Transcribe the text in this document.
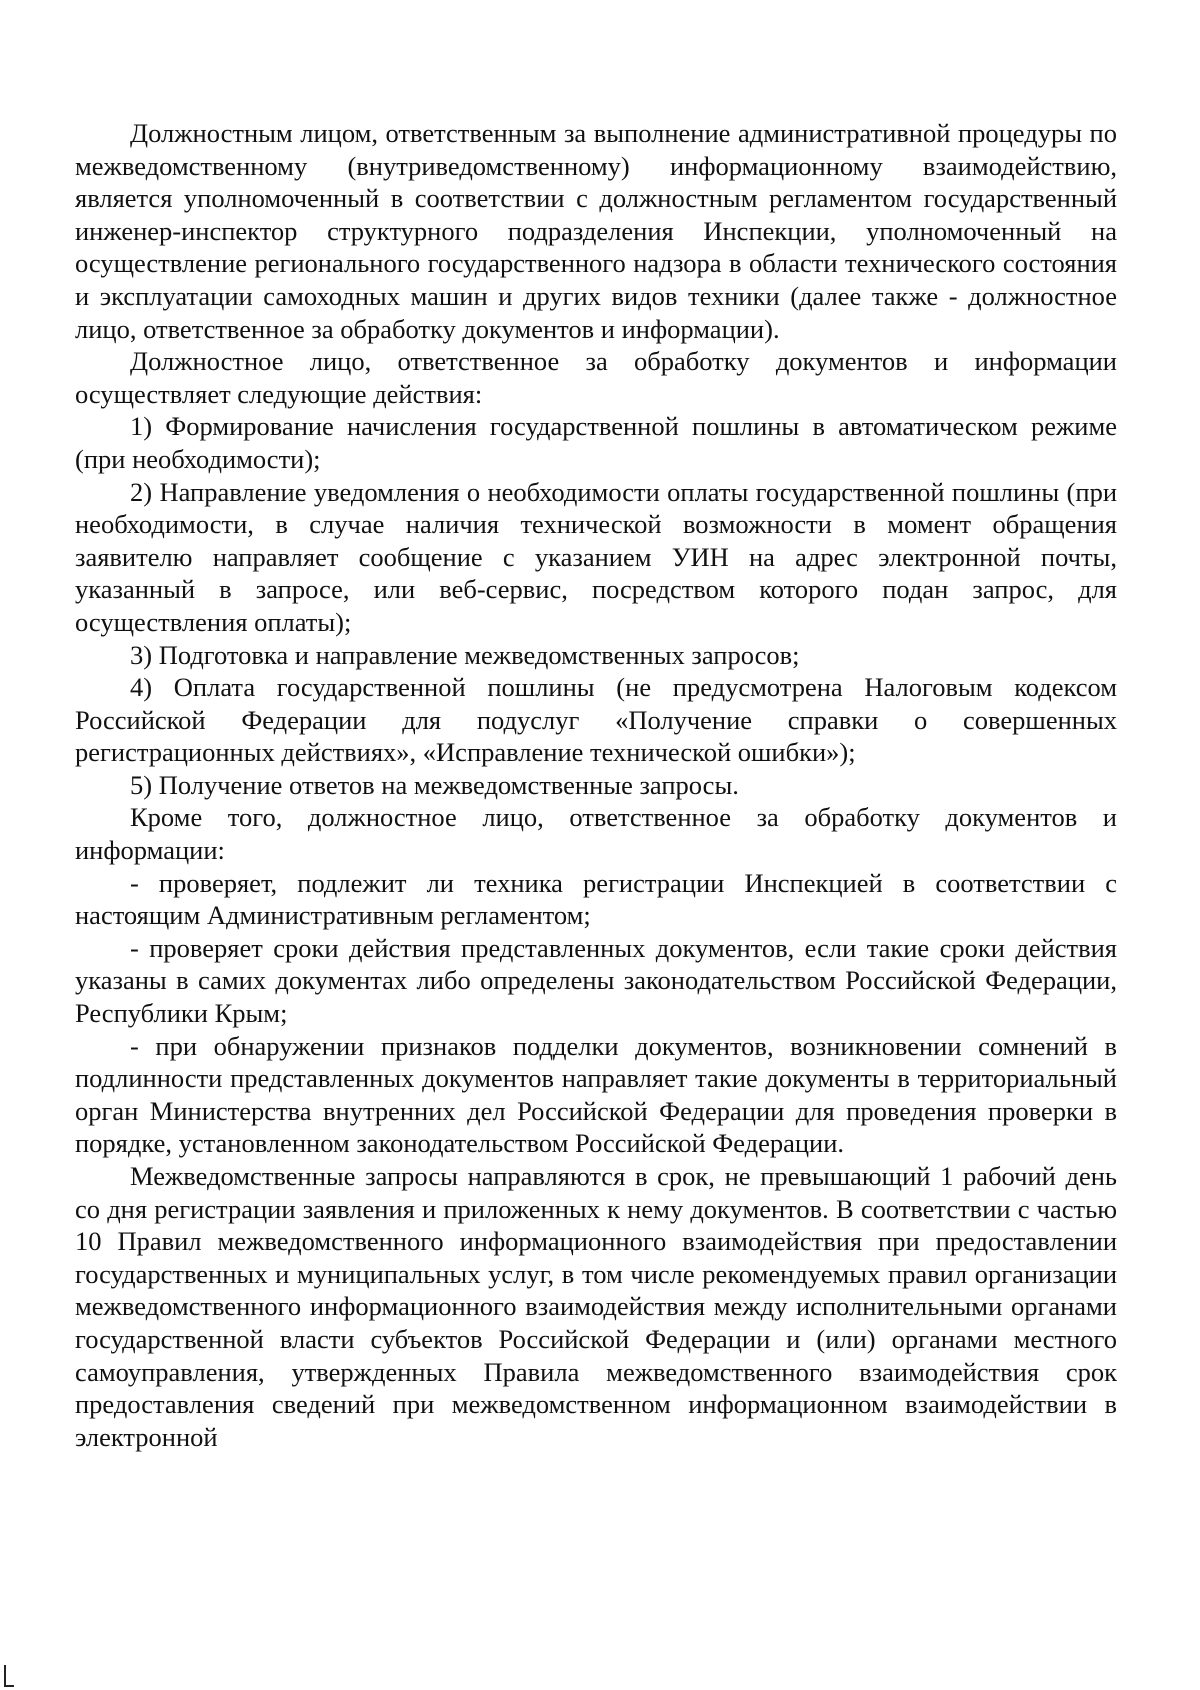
Должностным лицом, ответственным за выполнение административной процедуры по межведомственному (внутриведомственному) информационному взаимодействию, является уполномоченный в соответствии с должностным регламентом государственный инженер-инспектор структурного подразделения Инспекции, уполномоченный на осуществление регионального государственного надзора в области технического состояния и эксплуатации самоходных машин и других видов техники (далее также - должностное лицо, ответственное за обработку документов и информации).

Должностное лицо, ответственное за обработку документов и информации осуществляет следующие действия:

1) Формирование начисления государственной пошлины в автоматическом режиме (при необходимости);

2) Направление уведомления о необходимости оплаты государственной пошлины (при необходимости, в случае наличия технической возможности в момент обращения заявителю направляет сообщение с указанием УИН на адрес электронной почты, указанный в запросе, или веб-сервис, посредством которого подан запрос, для осуществления оплаты);

3) Подготовка и направление межведомственных запросов;

4) Оплата государственной пошлины (не предусмотрена Налоговым кодексом Российской Федерации для подуслуг «Получение справки о совершенных регистрационных действиях», «Исправление технической ошибки»);

5) Получение ответов на межведомственные запросы.

Кроме того, должностное лицо, ответственное за обработку документов и информации:

- проверяет, подлежит ли техника регистрации Инспекцией в соответствии с настоящим Административным регламентом;

- проверяет сроки действия представленных документов, если такие сроки действия указаны в самих документах либо определены законодательством Российской Федерации, Республики Крым;

- при обнаружении признаков подделки документов, возникновении сомнений в подлинности представленных документов направляет такие документы в территориальный орган Министерства внутренних дел Российской Федерации для проведения проверки в порядке, установленном законодательством Российской Федерации.

Межведомственные запросы направляются в срок, не превышающий 1 рабочий день со дня регистрации заявления и приложенных к нему документов. В соответствии с частью 10 Правил межведомственного информационного взаимодействия при предоставлении государственных и муниципальных услуг, в том числе рекомендуемых правил организации межведомственного информационного взаимодействия между исполнительными органами государственной власти субъектов Российской Федерации и (или) органами местного самоуправления, утвержденных Правила межведомственного взаимодействия срок предоставления сведений при межведомственном информационном взаимодействии в электронной
